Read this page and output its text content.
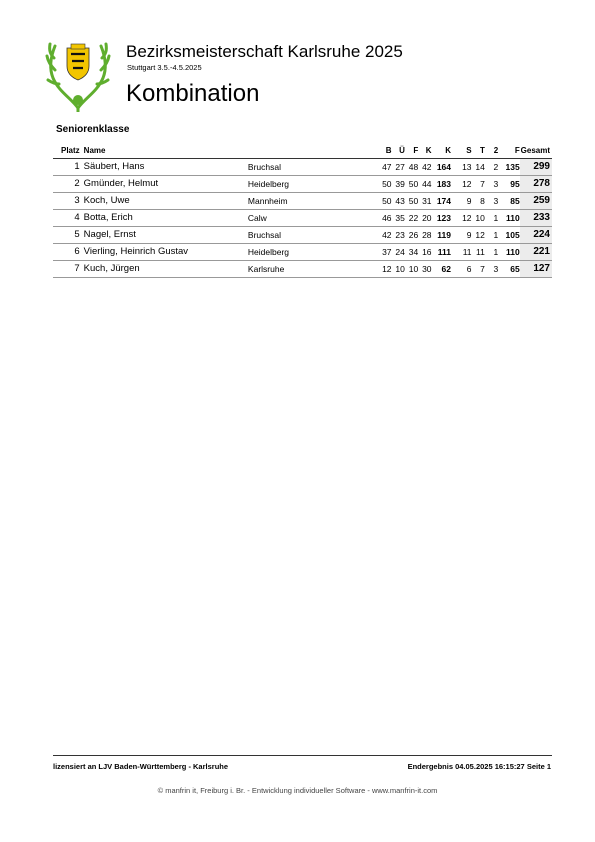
Bezirksmeisterschaft Karlsruhe 2025
Stuttgart 3.5.-4.5.2025
Kombination
Seniorenklasse
Platz	Name		B	Ü	F	K	K	S	T	2	F	Gesamt
1	Säubert, Hans	Bruchsal	47	27	48	42	164	13	14	2	135	299
2	Gmünder, Helmut	Heidelberg	50	39	50	44	183	12	7	3	95	278
3	Koch, Uwe	Mannheim	50	43	50	31	174	9	8	3	85	259
4	Botta, Erich	Calw	46	35	22	20	123	12	10	1	110	233
5	Nagel, Ernst	Bruchsal	42	23	26	28	119	9	12	1	105	224
6	Vierling, Heinrich Gustav	Heidelberg	37	24	34	16	111	11	11	1	110	221
7	Kuch, Jürgen	Karlsruhe	12	10	10	30	62	6	7	3	65	127
lizensiert an LJV Baden-Württemberg - Karlsruhe	Endergebnis 04.05.2025 16:15:27 Seite 1
© manfrin it, Freiburg i. Br. - Entwicklung individueller Software - www.manfrin-it.com
